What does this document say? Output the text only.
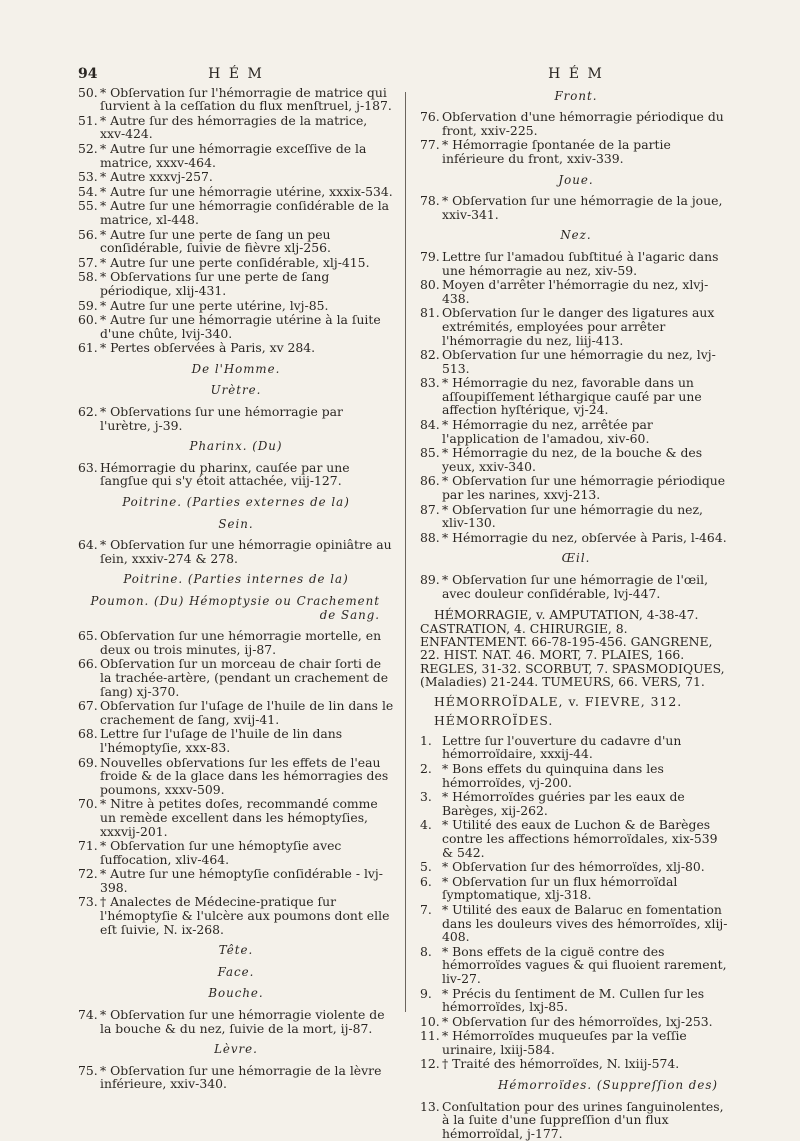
94	H É M
50. * Obſervation ſur l'hémorragie de matrice qui ſurvient à la ceſſation du flux menſtruel, j-187.
51. * Autre ſur des hémorragies de la matrice, xxv-424.
52. * Autre ſur une hémorragie exceſſive de la matrice, xxxv-464.
53. * Autre xxxvj-257.
54. * Autre ſur une hémorragie utérine, xxxix-534.
55. * Autre ſur une hémorragie conſidérable de la matrice, xl-448.
56. * Autre ſur une perte de ſang un peu conſidérable, ſuivie de fièvre xlj-256.
57. * Autre ſur une perte conſidérable, xlj-415.
58. * Obſervations ſur une perte de ſang périodique, xlij-431.
59. * Autre ſur une perte utérine, lvj-85.
60. * Autre ſur une hémorragie utérine à la ſuite d'une chûte, lvij-340.
61. * Pertes obſervées à Paris, xv 284.
De l'Homme.
Urètre.
62. * Obſervations ſur une hémorragie par l'urètre, j-39.
Pharinx. (Du)
63. Hémorragie du pharinx, cauſée par une ſangſue qui s'y étoit attachée, viij-127.
Poitrine. (Parties externes de la)
Sein.
64. * Obſervation ſur une hémorragie opiniâtre au ſein, xxxiv-274 & 278.
Poitrine. (Parties internes de la)
Poumon. (Du) Hémoptysie ou Crachement de Sang.
65. Obſervation ſur une hémorragie mortelle, en deux ou trois minutes, ij-87.
66. Obſervation ſur un morceau de chair ſorti de la trachée-artère, (pendant un crachement de ſang) xj-370.
67. Obſervation ſur l'uſage de l'huile de lin dans le crachement de ſang, xvij-41.
68. Lettre ſur l'uſage de l'huile de lin dans l'hémoptyſie, xxx-83.
69. Nouvelles obſervations ſur les effets de l'eau froide & de la glace dans les hémorragies des poumons, xxxv-509.
70. * Nitre à petites doſes, recommandé comme un remède excellent dans les hémoptyſies, xxxvij-201.
71. * Obſervation ſur une hémoptyſie avec ſuffocation, xliv-464.
72. * Autre ſur une hémoptyſie conſidérable - lvj-398.
73. † Analectes de Médecine-pratique ſur l'hémoptyſie & l'ulcère aux poumons dont elle eſt ſuivie, N. ix-268.
Tête.
Face.
Bouche.
74. * Obſervation ſur une hémorragie violente de la bouche & du nez, ſuivie de la mort, ij-87.
Lèvre.
75. * Obſervation ſur une hémorragie de la lèvre inférieure, xxiv-340.
H É M
Front.
76. Obſervation d'une hémorragie périodique du front, xxiv-225.
77. * Hémorragie ſpontanée de la partie inférieure du front, xxiv-339.
Joue.
78. * Obſervation ſur une hémorragie de la joue, xxiv-341.
Nez.
79. Lettre ſur l'amadou ſubſtitué à l'agaric dans une hémorragie au nez, xiv-59.
80. Moyen d'arrêter l'hémorragie du nez, xlvj-438.
81. Obſervation ſur le danger des ligatures aux extrémités, employées pour arrêter l'hémorragie du nez, liij-413.
82. Obſervation ſur une hémorragie du nez, lvj-513.
83. * Hémorragie du nez, favorable dans un aſſoupiſſement léthargique cauſé par une affection hyſtérique, vj-24.
84. * Hémorragie du nez, arrêtée par l'application de l'amadou, xiv-60.
85. * Hémorragie du nez, de la bouche & des yeux, xxiv-340.
86. * Obſervation ſur une hémorragie périodique par les narines, xxvj-213.
87. * Obſervation ſur une hémorragie du nez, xliv-130.
88. * Hémorragie du nez, obſervée à Paris, l-464.
Œil.
89. * Obſervation ſur une hémorragie de l'œil, avec douleur conſidérable, lvj-447.
HÉMORRAGIE, v. AMPUTATION, 4-38-47. CASTRATION, 4. CHIRURGIE, 8. ENFANTEMENT. 66-78-195-456. GANGRENE, 22. HIST. NAT. 46. MORT, 7. PLAIES, 166. REGLES, 31-32. SCORBUT, 7. SPASMODIQUES, (Maladies) 21-244. TUMEURS, 66. VERS, 71.
HÉMORROÏDALE, v. FIEVRE, 312.
HÉMORROÏDES.
1. Lettre ſur l'ouverture du cadavre d'un hémorroïdaire, xxxij-44.
2. * Bons effets du quinquina dans les hémorroïdes, vj-200.
3. * Hémorroïdes guéries par les eaux de Barèges, xij-262.
4. * Utilité des eaux de Luchon & de Barèges contre les affections hémorroïdales, xix-539 & 542.
5. * Obſervation ſur des hémorroïdes, xlj-80.
6. * Obſervation ſur un flux hémorroïdal ſymptomatique, xlj-318.
7. * Utilité des eaux de Balaruc en fomentation dans les douleurs vives des hémorroïdes, xlij-408.
8. * Bons effets de la ciguë contre des hémorroïdes vagues & qui fluoient rarement, liv-27.
9. * Précis du ſentiment de M. Cullen ſur les hémorroïdes, lxj-85.
10. * Obſervation ſur des hémorroïdes, lxj-253.
11. * Hémorroïdes muqueuſes par la veſſie urinaire, lxiij-584.
12. † Traité des hémorroïdes, N. lxiij-574.
Hémorroïdes. (Suppreſſion des)
13. Conſultation pour des urines ſanguinolentes, à la ſuite d'une ſuppreſſion d'un flux hémorroïdal, j-177.
